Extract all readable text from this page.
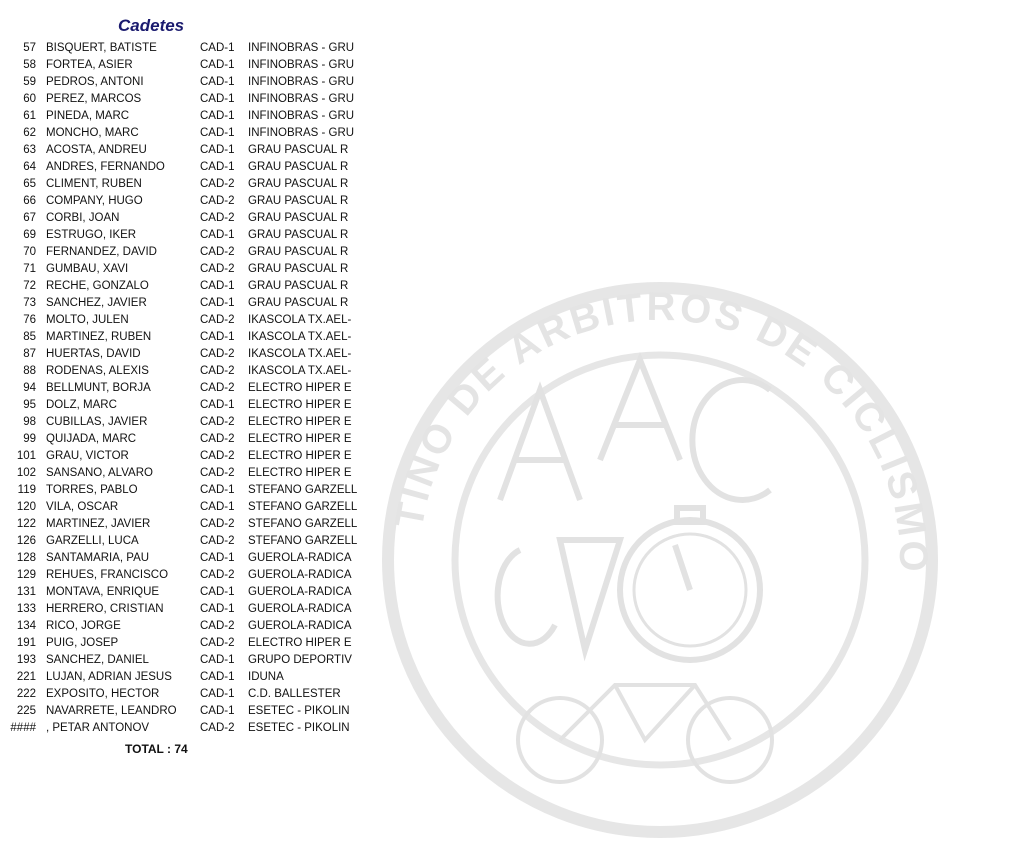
TINO DE ARBITROS DE CICLISMO
Cadetes
57 BISQUERT, BATISTE	CAD-1 INFINOBRAS - GRU
58 FORTEA, ASIER	CAD-1 INFINOBRAS - GRU
59 PEDROS, ANTONI	CAD-1 INFINOBRAS - GRU
60 PEREZ, MARCOS	CAD-1 INFINOBRAS - GRU
61 PINEDA, MARC	CAD-1 INFINOBRAS - GRU
62 MONCHO, MARC	CAD-1 INFINOBRAS - GRU
63 ACOSTA, ANDREU	CAD-1 GRAU PASCUAL R
64 ANDRES, FERNANDO	CAD-1 GRAU PASCUAL R
65 CLIMENT, RUBEN	CAD-2 GRAU PASCUAL R
66 COMPANY, HUGO	CAD-2 GRAU PASCUAL R
67 CORBI, JOAN	CAD-2 GRAU PASCUAL R
69 ESTRUGO, IKER	CAD-1 GRAU PASCUAL R
70 FERNANDEZ, DAVID	CAD-2 GRAU PASCUAL R
71 GUMBAU, XAVI	CAD-2 GRAU PASCUAL R
72 RECHE, GONZALO	CAD-1 GRAU PASCUAL R
73 SANCHEZ, JAVIER	CAD-1 GRAU PASCUAL R
76 MOLTO, JULEN	CAD-2 IKASCOLA TX.AEL-
85 MARTINEZ, RUBEN	CAD-1 IKASCOLA TX.AEL-
87 HUERTAS, DAVID	CAD-2 IKASCOLA TX.AEL-
88 RODENAS, ALEXIS	CAD-2 IKASCOLA TX.AEL-
94 BELLMUNT, BORJA	CAD-2 ELECTRO HIPER E
95 DOLZ, MARC	CAD-1 ELECTRO HIPER E
98 CUBILLAS, JAVIER	CAD-2 ELECTRO HIPER E
99 QUIJADA, MARC	CAD-2 ELECTRO HIPER E
101 GRAU, VICTOR	CAD-2 ELECTRO HIPER E
102 SANSANO, ALVARO	CAD-2 ELECTRO HIPER E
119 TORRES, PABLO	CAD-1 STEFANO GARZELL
120 VILA, OSCAR	CAD-1 STEFANO GARZELL
122 MARTINEZ, JAVIER	CAD-2 STEFANO GARZELL
126 GARZELLI, LUCA	CAD-2 STEFANO GARZELL
128 SANTAMARIA, PAU	CAD-1 GUEROLA-RADICA
129 REHUES, FRANCISCO	CAD-2 GUEROLA-RADICA
131 MONTAVA, ENRIQUE	CAD-1 GUEROLA-RADICA
133 HERRERO, CRISTIAN	CAD-1 GUEROLA-RADICA
134 RICO, JORGE	CAD-2 GUEROLA-RADICA
191 PUIG, JOSEP	CAD-2 ELECTRO HIPER E
193 SANCHEZ, DANIEL	CAD-1 GRUPO DEPORTIV
221 LUJAN, ADRIAN JESUS CAD-1 IDUNA
222 EXPOSITO, HECTOR	CAD-1 C.D. BALLESTER
225 NAVARRETE, LEANDRO CAD-1 ESETEC - PIKOLIN
#### , PETAR ANTONOV	CAD-2 ESETEC - PIKOLIN
TOTAL : 74
